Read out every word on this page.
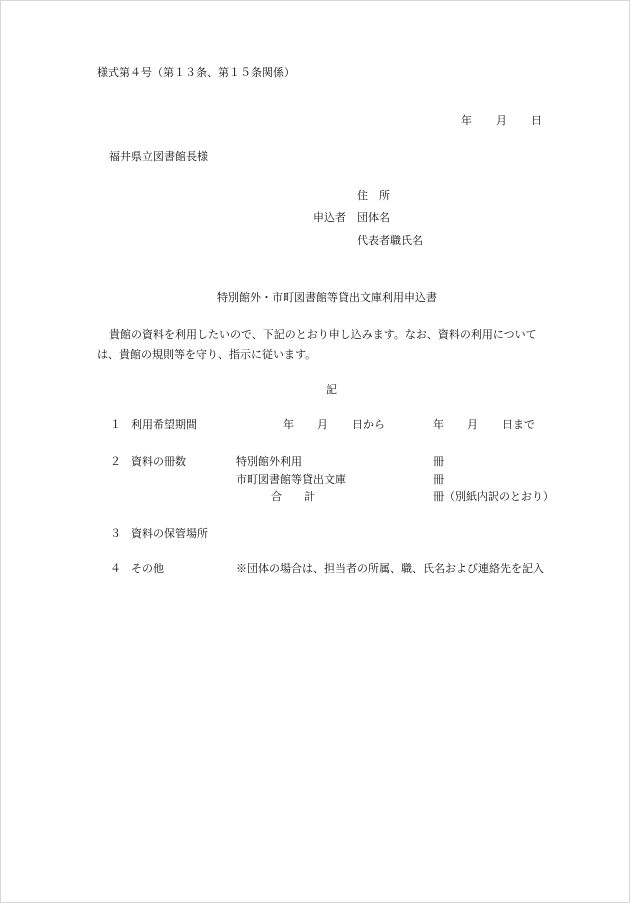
様式第４号（第１３条、第１５条関係）
年 月 日
福井県立図書館長様
住　所
申込者 団体名
代表者職氏名
特別館外・市町図書館等貸出文庫利用申込書
貴館の資料を利用したいので、下記のとおり申し込みます。なお、資料の利用について
は、貴館の規則等を守り、指示に従います。
記
１ 利用希望期間	年 月 日から	年 月 日まで
２ 資料の冊数	特別館外利用	冊
市町図書館等貸出文庫	冊
合　　計	冊（別紙内訳のとおり）
３ 資料の保管場所
４ その他	※団体の場合は、担当者の所属、職、氏名および連絡先を記入
